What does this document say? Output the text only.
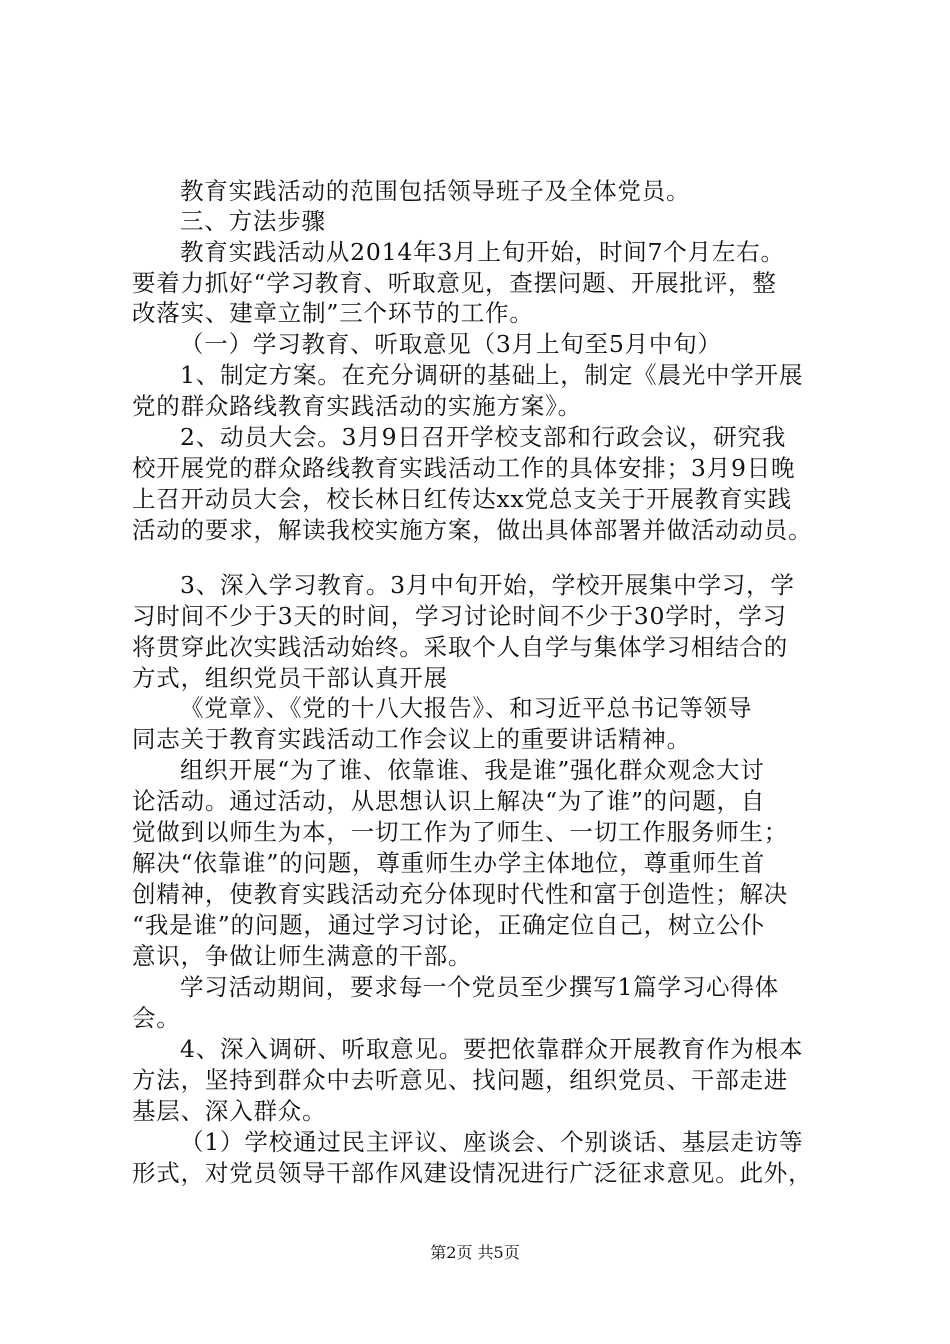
教育实践活动的范围包括领导班子及全体党员。
三、方法步骤
教育实践活动从2014年3月上旬开始，时间7个月左右。
要着力抓好“学习教育、听取意见，查摆问题、开展批评，整
改落实、建章立制”三个环节的工作。
（一）学习教育、听取意见（3月上旬至5月中旬）
1、制定方案。在充分调研的基础上，制定《晨光中学开展
党的群众路线教育实践活动的实施方案》。
2、动员大会。3月9日召开学校支部和行政会议，研究我
校开展党的群众路线教育实践活动工作的具体安排；3月9日晚
上召开动员大会，校长林日红传达xx党总支关于开展教育实践
活动的要求，解读我校实施方案，做出具体部署并做活动动员。
3、深入学习教育。3月中旬开始，学校开展集中学习，学
习时间不少于3天的时间，学习讨论时间不少于30学时，学习
将贯穿此次实践活动始终。采取个人自学与集体学习相结合的
方式，组织党员干部认真开展
《党章》、《党的十八大报告》、和习近平总书记等领导
同志关于教育实践活动工作会议上的重要讲话精神。
组织开展“为了谁、依靠谁、我是谁”强化群众观念大讨
论活动。通过活动，从思想认识上解决“为了谁”的问题，自
觉做到以师生为本，一切工作为了师生、一切工作服务师生；
解决“依靠谁”的问题，尊重师生办学主体地位，尊重师生首
创精神，使教育实践活动充分体现时代性和富于创造性；解决
“我是谁”的问题，通过学习讨论，正确定位自己，树立公仆
意识，争做让师生满意的干部。
学习活动期间，要求每一个党员至少撰写1篇学习心得体
会。
4、深入调研、听取意见。要把依靠群众开展教育作为根本
方法，坚持到群众中去听意见、找问题，组织党员、干部走进
基层、深入群众。
（1）学校通过民主评议、座谈会、个别谈话、基层走访等
形式，对党员领导干部作风建设情况进行广泛征求意见。此外，
第2页 共5页
